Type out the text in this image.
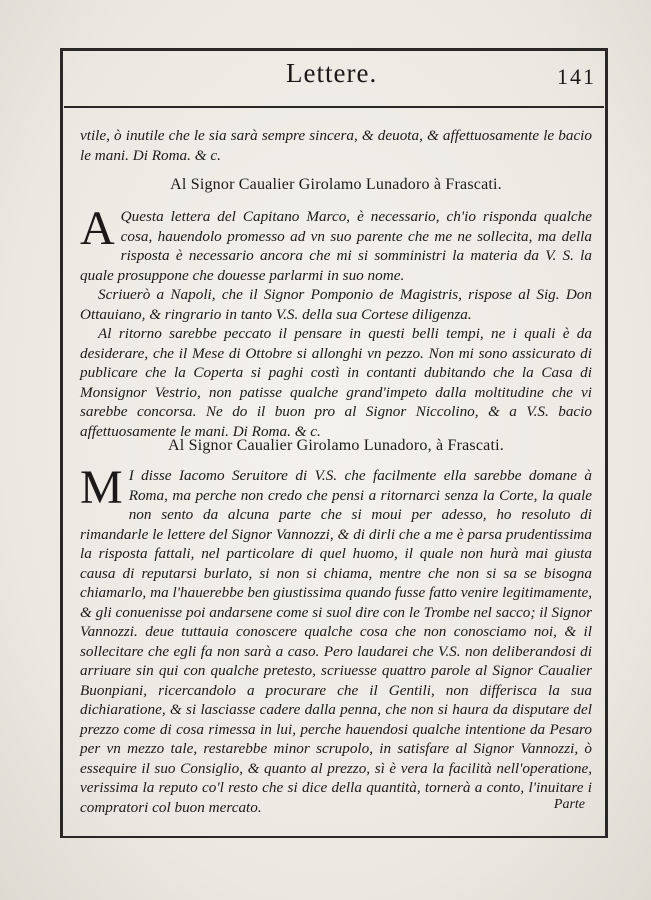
Lettere.	141

vtile, ò inutile che le sia sarà sempre sincera, & deuota, & affettuosamente le bacio le mani. Di Roma. & c.

Al Signor Caualier Girolamo Lunadoro à Frascati.

A Questa lettera del Capitano Marco, è necessario, ch'io risponda qualche cosa, hauendolo promesso ad vn suo parente che me ne sollecita, ma della risposta è necessario ancora che mi si somministri la materia da V. S. la quale prosuppone che douesse parlarmi in suo nome.

Scriuerò a Napoli, che il Signor Pomponio de Magistris, rispose al Sig. Don Ottauiano, & ringrario in tanto V.S. della sua Cortese diligenza.

Al ritorno sarebbe peccato il pensare in questi belli tempi, ne i quali è da desiderare, che il Mese di Ottobre si allonghi vn pezzo. Non mi sono assicurato di publicare che la Coperta si paghi costì in contanti dubitando che la Casa di Monsignor Vestrio, non patisse qualche grand'impeto dalla moltitudine che vi sarebbe concorsa. Ne do il buon pro al Signor Niccolino, & a V.S. bacio affettuosamente le mani. Di Roma. & c.

Al Signor Caualier Girolamo Lunadoro, à Frascati.

M I disse Iacomo Seruitore di V.S. che facilmente ella sarebbe domane à Roma, ma perche non credo che pensi a ritornarci senza la Corte, la quale non sento da alcuna parte che si moui per adesso, ho resoluto di rimandarle le lettere del Signor Vannozzi, & di dirli che a me è parsa prudentissima la risposta fattali, nel particolare di quel huomo, il quale non hurà mai giusta causa di reputarsi burlato, si non si chiama, mentre che non si sa se bisogna chiamarlo, ma l'hauerebbe ben giustissima quando fusse fatto venire legitimamente, & gli conuenisse poi andarsene come si suol dire con le Trombe nel sacco; il Signor Vannozzi. deue tuttauia conoscere qualche cosa che non conosciamo noi, & il sollecitare che egli fa non sarà a caso. Pero laudarei che V.S. non deliberandosi di arriuare sin qui con qualche pretesto, scriuesse quattro parole al Signor Caualier Buonpiani, ricercandolo a procurare che il Gentili, non differisca la sua dichiaratione, & si lasciasse cadere dalla penna, che non si haura da disputare del prezzo come di cosa rimessa in lui, perche hauendosi qualche intentione da Pesaro per vn mezzo tale, restarebbe minor scrupolo, in satisfare al Signor Vannozzi, ò essequire il suo Consiglio, & quanto al prezzo, sì è vera la facilità nell'operatione, verissima la reputo co'l resto che si dice della quantità, tornerà a conto, l'inuitare i compratori col buon mercato.	Parte
